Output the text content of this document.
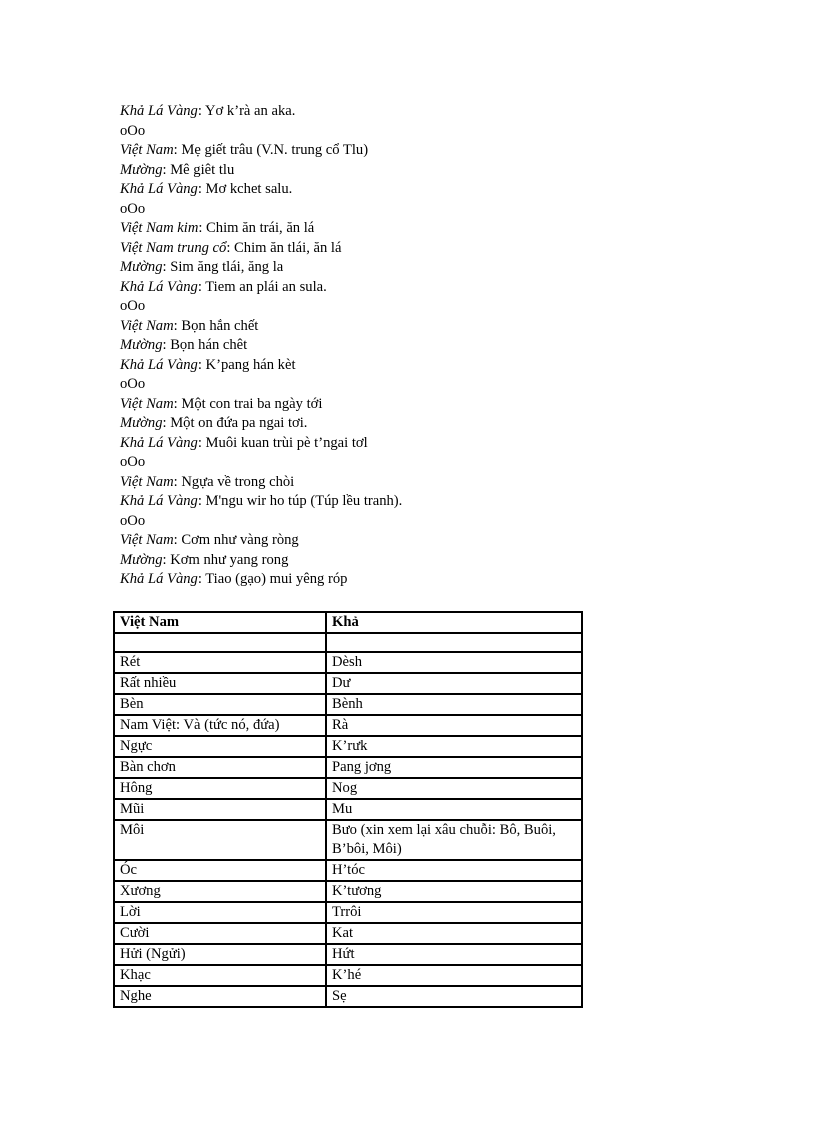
Khả Lá Vàng: Yơ k’rà an aka.
oOo
Việt Nam: Mẹ giết trâu (V.N. trung cổ Tlu)
Mường: Mê giêt tlu
Khả Lá Vàng: Mơ kchet salu.
oOo
Việt Nam kim: Chim ăn trái, ăn lá
Việt Nam trung cổ: Chim ăn tlái, ăn lá
Mường: Sim ăng tlái, ăng la
Khả Lá Vàng: Tiem an plái an sula.
oOo
Việt Nam: Bọn hắn chết
Mường: Bọn hán chêt
Khả Lá Vàng: K’pang hán kèt
oOo
Việt Nam: Một con trai ba ngày tới
Mường: Một on đứa pa ngai tơi.
Khả Lá Vàng: Muôi kuan trùi pè t’ngai tơl
oOo
Việt Nam: Ngựa về trong chòi
Khả Lá Vàng: M'ngu wir ho túp (Túp lều tranh).
oOo
Việt Nam: Cơm như vàng ròng
Mường: Kơm như yang rong
Khả Lá Vàng: Tiao (gạo) mui yêng róp
Việt Nam	Khả

Rét	Dèsh
Rất nhiều	Dư
Bèn	Bènh
Nam Việt: Và (tức nó, đứa)	Rà
Ngực	K’rưk
Bàn chơn	Pang jơng
Hông	Nog
Mũi	Mu
Môi	Bưo (xin xem lại xâu chuỗi: Bô, Buôi, B’bôi, Môi)
Óc	H’tóc
Xương	K’tương
Lời	Trrôi
Cười	Kat
Hửi (Ngửi)	Hứt
Khạc	K’hé
Nghe	Sẹ
